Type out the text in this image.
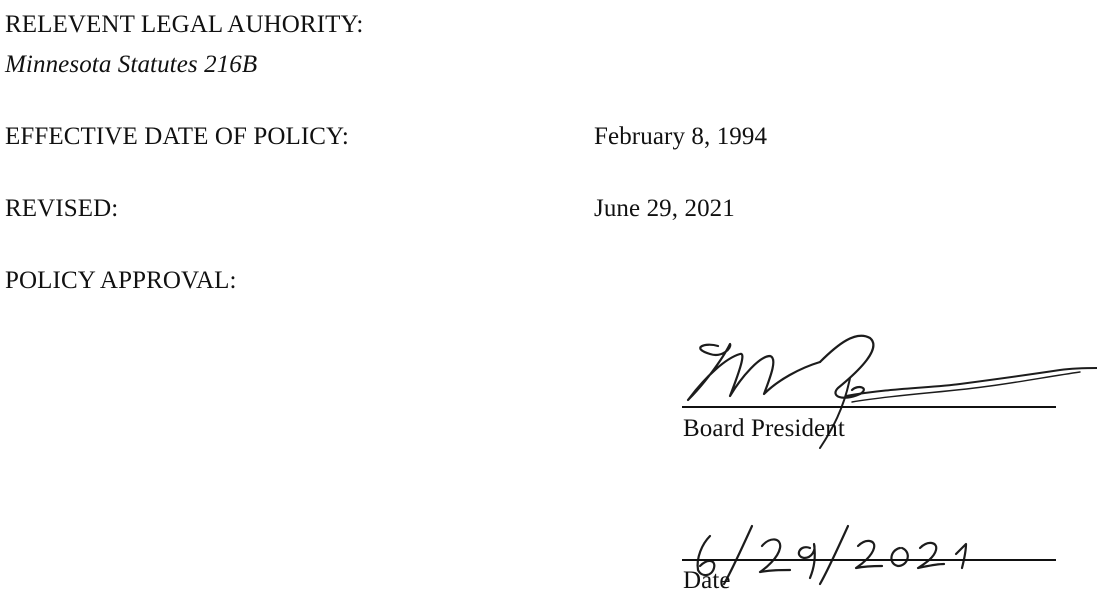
RELEVENT LEGAL AUHORITY:
Minnesota Statutes 216B
EFFECTIVE DATE OF POLICY:	February 8, 1994
REVISED:	June 29, 2021
POLICY APPROVAL:
Board President
Date
